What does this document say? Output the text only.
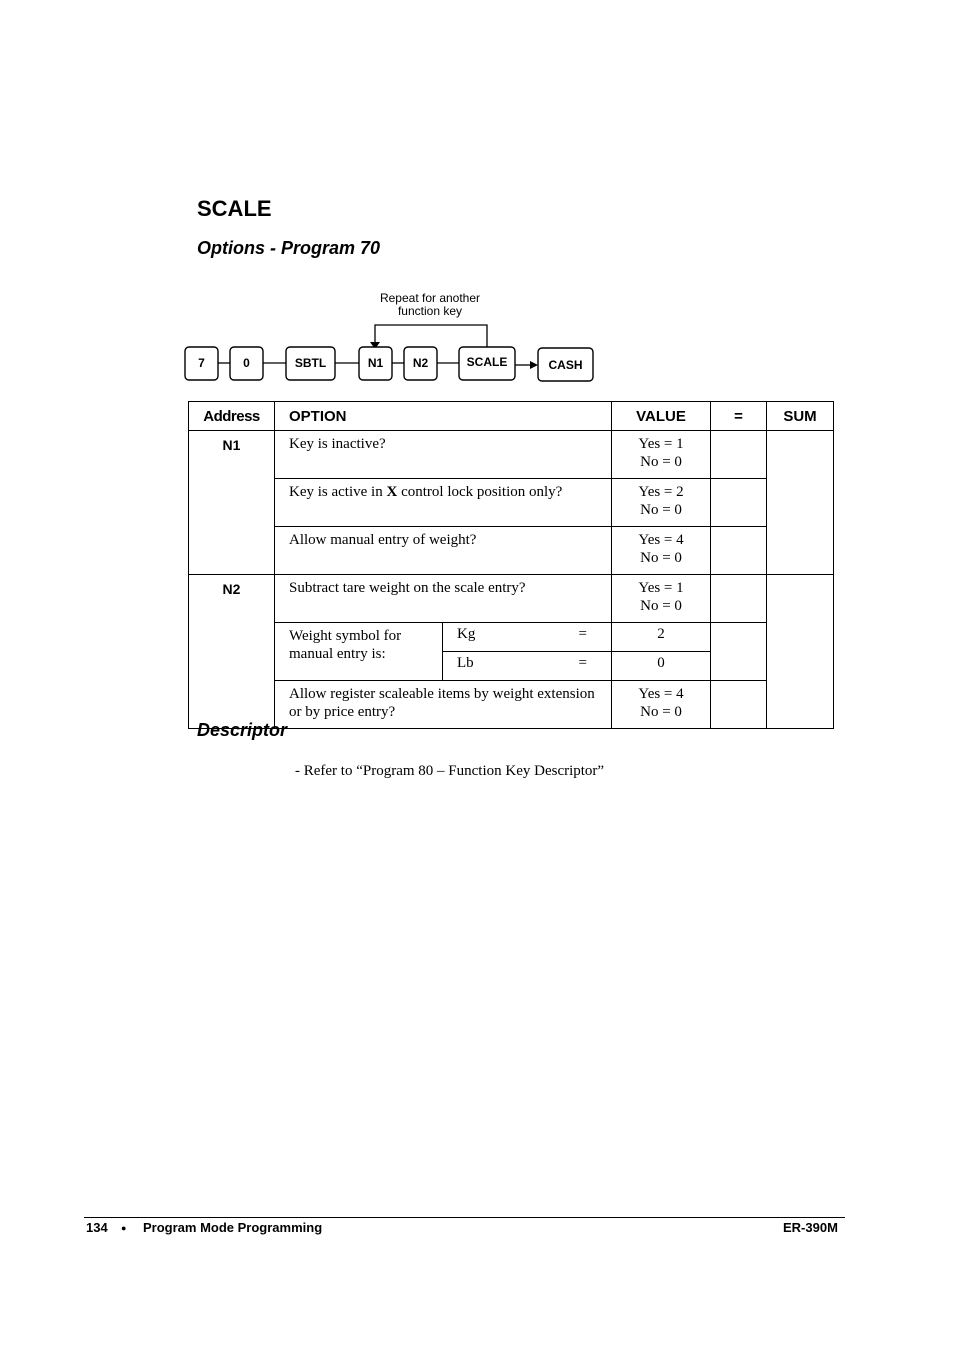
SCALE
Options - Program 70
Repeat for another
function key
7	0	SBTL	N1 N2	SCALE	CASH
Address	OPTION		VALUE	=	SUM
N1	Key is inactive?		Yes = 1
No = 0		

	Key is active in X control lock position only?		Yes = 2
No = 0		

	Allow manual entry of weight?		Yes = 4
No = 0		

N2	Subtract tare weight on the scale entry?		Yes = 1
No = 0		

	Weight symbol for manual entry is:	Kg =	2		
		Lb =	0		
	Allow register scaleable items by weight extension or by price entry?		Yes = 4
No = 0		

Descriptor
- Refer to “Program 80 – Function Key Descriptor”
134 ● Program Mode Programming	ER-390M
